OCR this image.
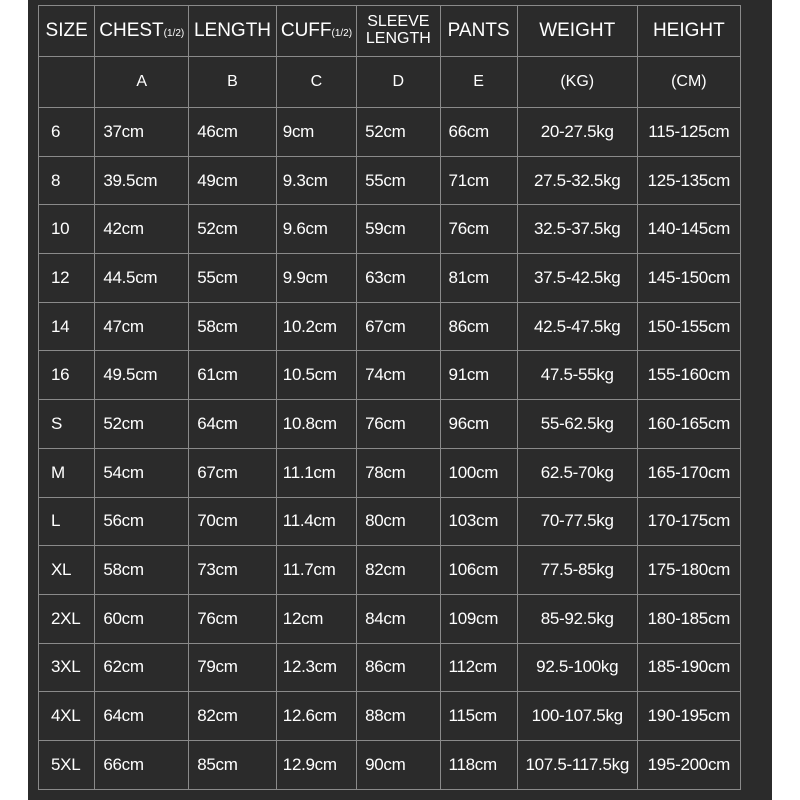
SIZE	CHEST(1/2)	LENGTH	CUFF(1/2)	SLEEVE LENGTH	PANTS	WEIGHT	HEIGHT
	A	B	C	D	E	(KG)	(CM)
6	37cm	46cm	9cm	52cm	66cm	20-27.5kg	115-125cm
8	39.5cm	49cm	9.3cm	55cm	71cm	27.5-32.5kg	125-135cm
10	42cm	52cm	9.6cm	59cm	76cm	32.5-37.5kg	140-145cm
12	44.5cm	55cm	9.9cm	63cm	81cm	37.5-42.5kg	145-150cm
14	47cm	58cm	10.2cm	67cm	86cm	42.5-47.5kg	150-155cm
16	49.5cm	61cm	10.5cm	74cm	91cm	47.5-55kg	155-160cm
S	52cm	64cm	10.8cm	76cm	96cm	55-62.5kg	160-165cm
M	54cm	67cm	11.1cm	78cm	100cm	62.5-70kg	165-170cm
L	56cm	70cm	11.4cm	80cm	103cm	70-77.5kg	170-175cm
XL	58cm	73cm	11.7cm	82cm	106cm	77.5-85kg	175-180cm
2XL	60cm	76cm	12cm	84cm	109cm	85-92.5kg	180-185cm
3XL	62cm	79cm	12.3cm	86cm	112cm	92.5-100kg	185-190cm
4XL	64cm	82cm	12.6cm	88cm	115cm	100-107.5kg	190-195cm
5XL	66cm	85cm	12.9cm	90cm	118cm	107.5-117.5kg	195-200cm
